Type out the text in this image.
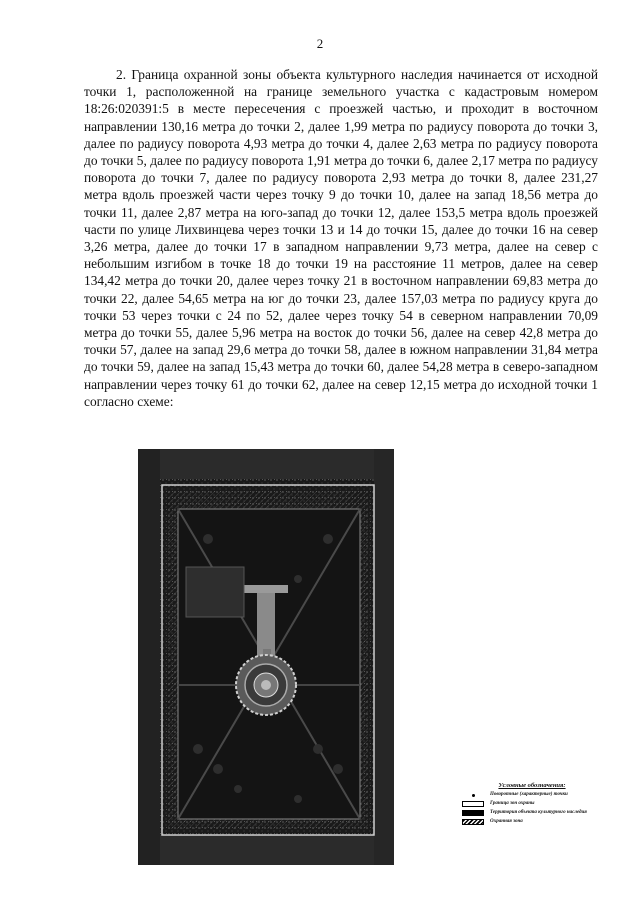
2

2. Граница охранной зоны объекта культурного наследия начинается от исходной точки 1, расположенной на границе земельного участка с кадастровым номером 18:26:020391:5 в месте пересечения с проезжей частью, и проходит в восточном направлении 130,16 метра до точки 2, далее 1,99 метра по радиусу поворота до точки 3, далее по радиусу поворота 4,93 метра до точки 4, далее 2,63 метра по радиусу поворота до точки 5, далее по радиусу поворота 1,91 метра до точки 6, далее 2,17 метра по радиусу поворота до точки 7, далее по радиусу поворота 2,93 метра до точки 8, далее 231,27 метра вдоль проезжей части через точку 9 до точки 10, далее на запад 18,56 метра до точки 11, далее 2,87 метра на юго-запад до точки 12, далее 153,5 метра вдоль проезжей части по улице Лихвинцева через точки 13 и 14 до точки 15, далее до точки 16 на север 3,26 метра, далее до точки 17 в западном направлении 9,73 метра, далее на север с небольшим изгибом в точке 18 до точки 19 на расстояние 11 метров, далее на север 134,42 метра до точки 20, далее через точку 21 в восточном направлении 69,83 метра до точки 22, далее 54,65 метра на юг до точки 23, далее 157,03 метра по радиусу круга до точки 53 через точки с 24 по 52, далее через точку 54 в северном направлении 70,09 метра до точки 55, далее 5,96 метра на восток до точки 56, далее на север 42,8 метра до точки 57, далее на запад 29,6 метра до точки 58, далее в южном направлении 31,84 метра до точки 59, далее на запад 15,43 метра до точки 60, далее 54,28 метра в северо-западном направлении через точку 61 до точки 62, далее на север 12,15 метра до исходной точки 1 согласно схеме:

Условные обозначения:
Поворотные (характерные) точки
Граница зон охраны
Территория объекта культурного наследия
Охранная зона
